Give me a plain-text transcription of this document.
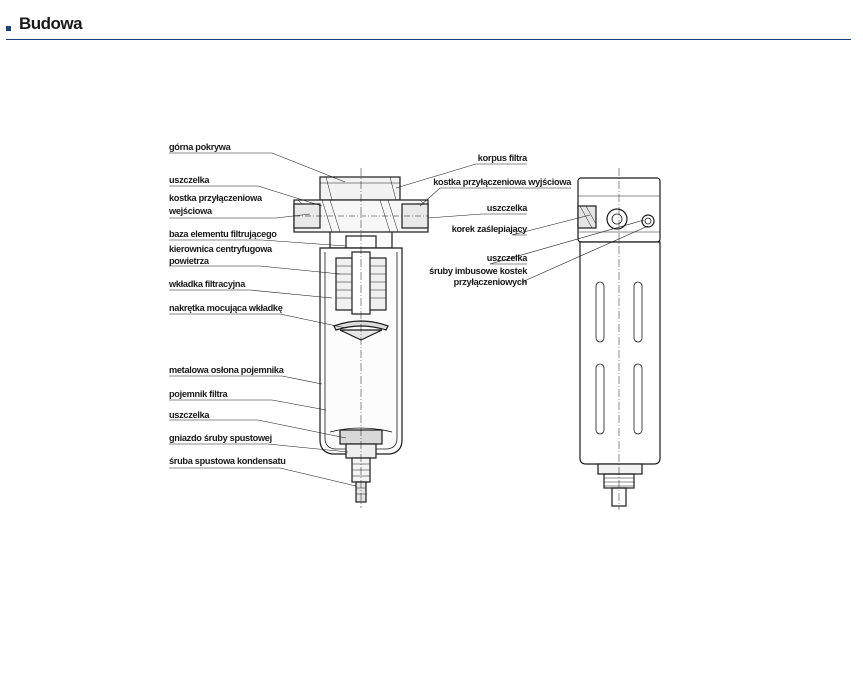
Budowa
górna pokrywa
uszczelka
kostka przyłączeniowa
wejściowa
baza elementu filtrującego
kierownica centryfugowa
powietrza
wkładka filtracyjna
nakrętka mocująca wkładkę
metalowa osłona pojemnika
pojemnik filtra
uszczelka
gniazdo śruby spustowej
śruba spustowa kondensatu
korpus filtra
kostka przyłączeniowa wyjściowa
uszczelka
korek zaślepiający
uszczelka
śruby imbusowe kostek
przyłączeniowych
